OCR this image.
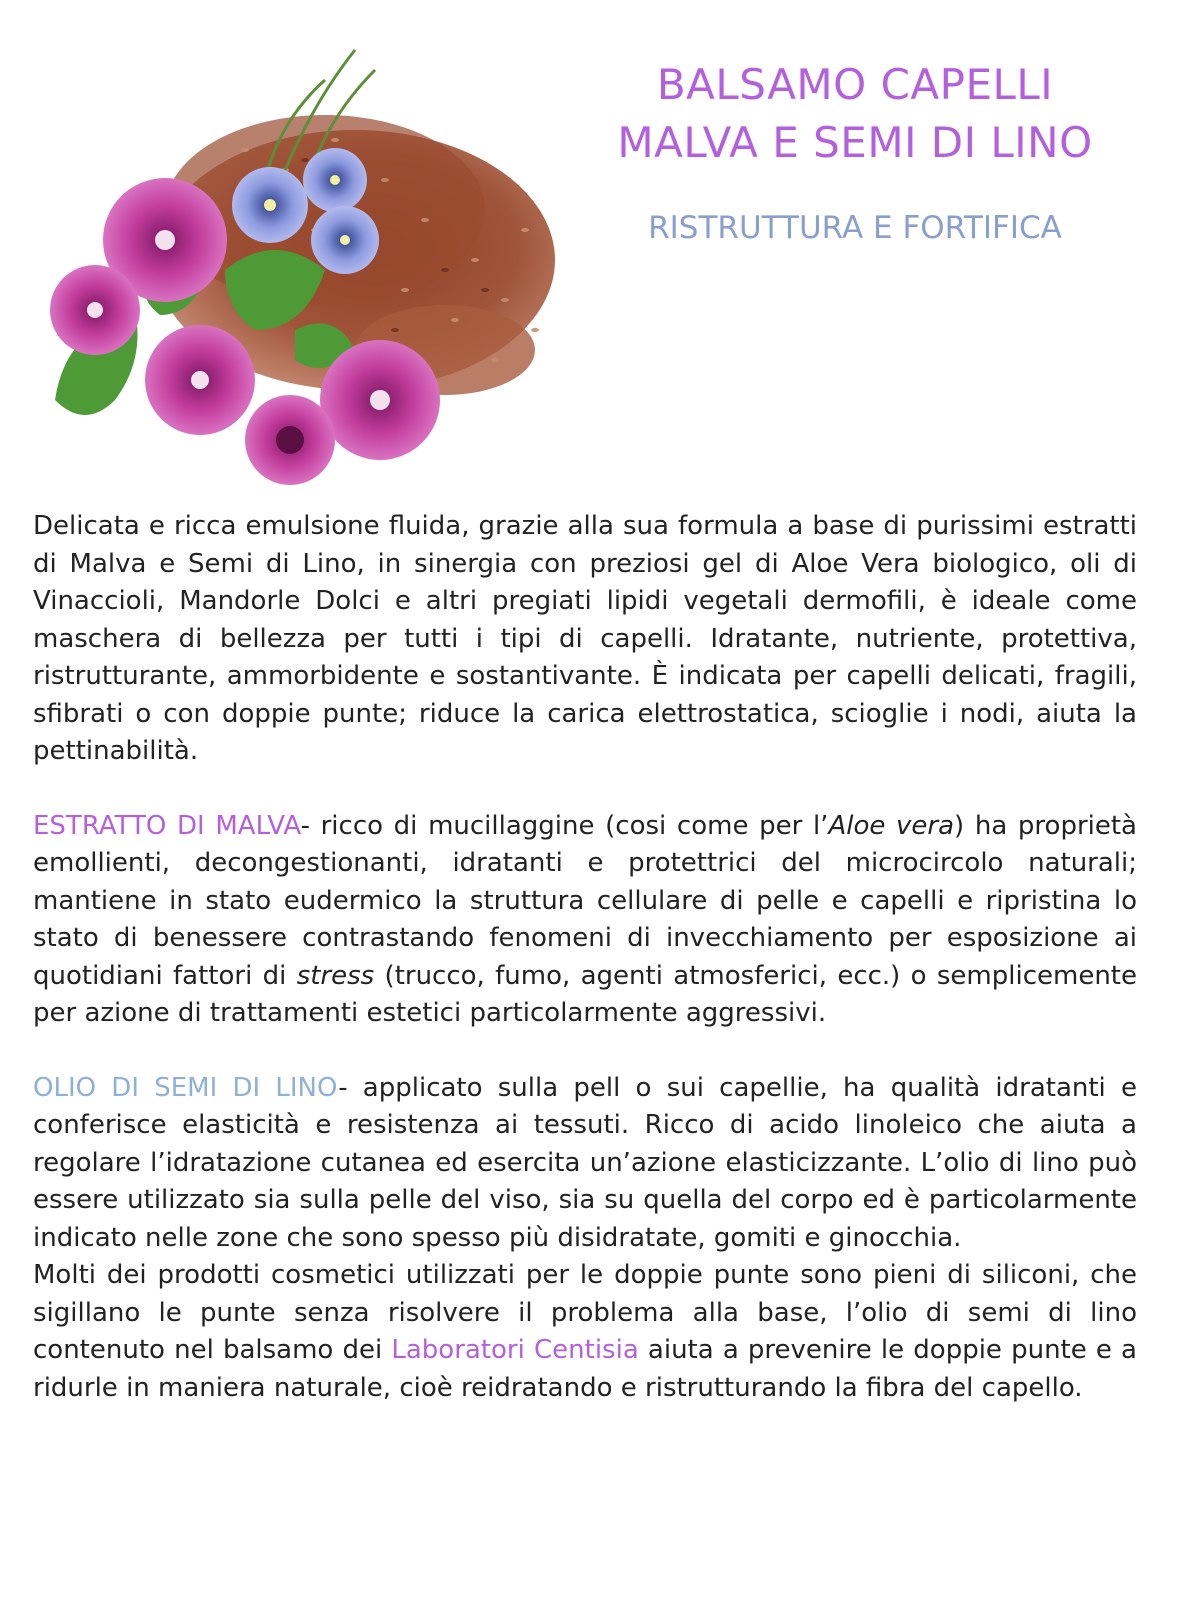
BALSAMO CAPELLI
MALVA E SEMI DI LINO
RISTRUTTURA E FORTIFICA

Delicata e ricca emulsione fluida, grazie alla sua formula a base di purissimi estratti di Malva e Semi di Lino, in sinergia con preziosi gel di Aloe Vera biologico, oli di Vinaccioli, Mandorle Dolci e altri pregiati lipidi vegetali dermofili, è ideale come maschera di bellezza per tutti i tipi di capelli. Idratante, nutriente, protettiva, ristrutturante, ammorbidente e sostantivante. È indicata per capelli delicati, fragili, sfibrati o con doppie punte; riduce la carica elettrostatica, scioglie i nodi, aiuta la pettinabilità.

ESTRATTO DI MALVA- ricco di mucillaggine (cosi come per l’Aloe vera) ha proprietà emollienti, decongestionanti, idratanti e protettrici del microcircolo naturali; mantiene in stato eudermico la struttura cellulare di pelle e capelli e ripristina lo stato di benessere contrastando fenomeni di invecchiamento per esposizione ai quotidiani fattori di stress (trucco, fumo, agenti atmosferici, ecc.) o semplicemente per azione di trattamenti estetici particolarmente aggressivi.

OLIO DI SEMI DI LINO- applicato sulla pell o sui capellie, ha qualità idratanti e conferisce elasticità e resistenza ai tessuti. Ricco di acido linoleico che aiuta a regolare l’idratazione cutanea ed esercita un’azione elasticizzante. L’olio di lino può essere utilizzato sia sulla pelle del viso, sia su quella del corpo ed è particolarmente indicato nelle zone che sono spesso più disidratate, gomiti e ginocchia.

Molti dei prodotti cosmetici utilizzati per le doppie punte sono pieni di siliconi, che sigillano le punte senza risolvere il problema alla base, l’olio di semi di lino contenuto nel balsamo dei Laboratori Centisia aiuta a prevenire le doppie punte e a ridurle in maniera naturale, cioè reidratando e ristrutturando la fibra del capello.
